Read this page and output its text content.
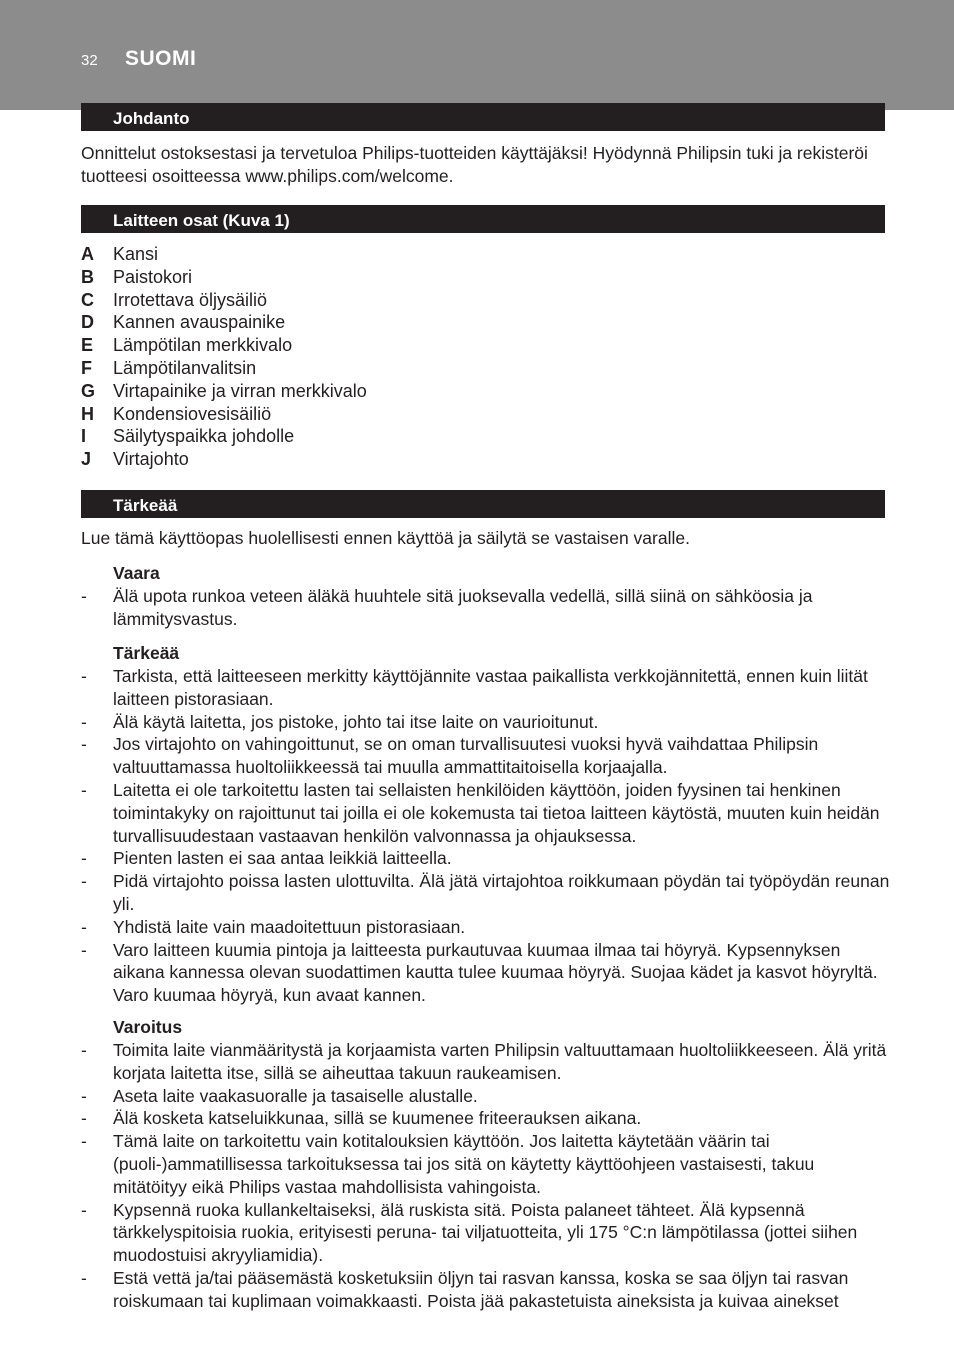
32 SUOMI
Johdanto

Onnittelut ostoksestasi ja tervetuloa Philips-tuotteiden käyttäjäksi! Hyödynnä Philipsin tuki ja rekisteröi tuotteesi osoitteessa www.philips.com/welcome.

Laitteen osat (Kuva 1)
A	Kansi
B	Paistokori
C	Irrotettava öljysäiliö
D	Kannen avauspainike
E	Lämpötilan merkkivalo
F	Lämpötilanvalitsin
G Virtapainike ja virran merkkivalo
H	Kondensiovesisäiliö
I	Säilytyspaikka johdolle
J	Virtajohto
Tärkeää

Lue tämä käyttöopas huolellisesti ennen käyttöä ja säilytä se vastaisen varalle.

Vaara
- Älä upota runkoa veteen äläkä huuhtele sitä juoksevalla vedellä, sillä siinä on sähköosia ja lämmitysvastus.
Tärkeää
- Tarkista, että laitteeseen merkitty käyttöjännite vastaa paikallista verkkojännitettä, ennen kuin liität laitteen pistorasiaan.
- Älä käytä laitetta, jos pistoke, johto tai itse laite on vaurioitunut.
- Jos virtajohto on vahingoittunut, se on oman turvallisuutesi vuoksi hyvä vaihdattaa Philipsin valtuuttamassa huoltoliikkeessä tai muulla ammattitaitoisella korjaajalla.
- Laitetta ei ole tarkoitettu lasten tai sellaisten henkilöiden käyttöön, joiden fyysinen tai henkinen toimintakyky on rajoittunut tai joilla ei ole kokemusta tai tietoa laitteen käytöstä, muuten kuin heidän turvallisuudestaan vastaavan henkilön valvonnassa ja ohjauksessa.
- Pienten lasten ei saa antaa leikkiä laitteella.
- Pidä virtajohto poissa lasten ulottuvilta. Älä jätä virtajohtoa roikkumaan pöydän tai työpöydän reunan yli.
- Yhdistä laite vain maadoitettuun pistorasiaan.
- Varo laitteen kuumia pintoja ja laitteesta purkautuvaa kuumaa ilmaa tai höyryä. Kypsennyksen aikana kannessa olevan suodattimen kautta tulee kuumaa höyryä. Suojaa kädet ja kasvot höyryltä. Varo kuumaa höyryä, kun avaat kannen.
Varoitus
- Toimita laite vianmääritystä ja korjaamista varten Philipsin valtuuttamaan huoltoliikkeeseen. Älä yritä korjata laitetta itse, sillä se aiheuttaa takuun raukeamisen.
- Aseta laite vaakasuoralle ja tasaiselle alustalle.
- Älä kosketa katseluikkunaa, sillä se kuumenee friteerauksen aikana.
- Tämä laite on tarkoitettu vain kotitalouksien käyttöön. Jos laitetta käytetään väärin tai (puoli-)ammatillisessa tarkoituksessa tai jos sitä on käytetty käyttöohjeen vastaisesti, takuu mitätöityy eikä Philips vastaa mahdollisista vahingoista.
- Kypsennä ruoka kullankeltaiseksi, älä ruskista sitä. Poista palaneet tähteet. Älä kypsennä tärkkelyspitoisia ruokia, erityisesti peruna- tai viljatuotteita, yli 175 °C:n lämpötilassa (jottei siihen muodostuisi akryyliamidia).
- Estä vettä ja/tai pääsemästä kosketuksiin öljyn tai rasvan kanssa, koska se saa öljyn tai rasvan roiskumaan tai kuplimaan voimakkaasti. Poista jää pakastetuista aineksista ja kuivaa ainekset
